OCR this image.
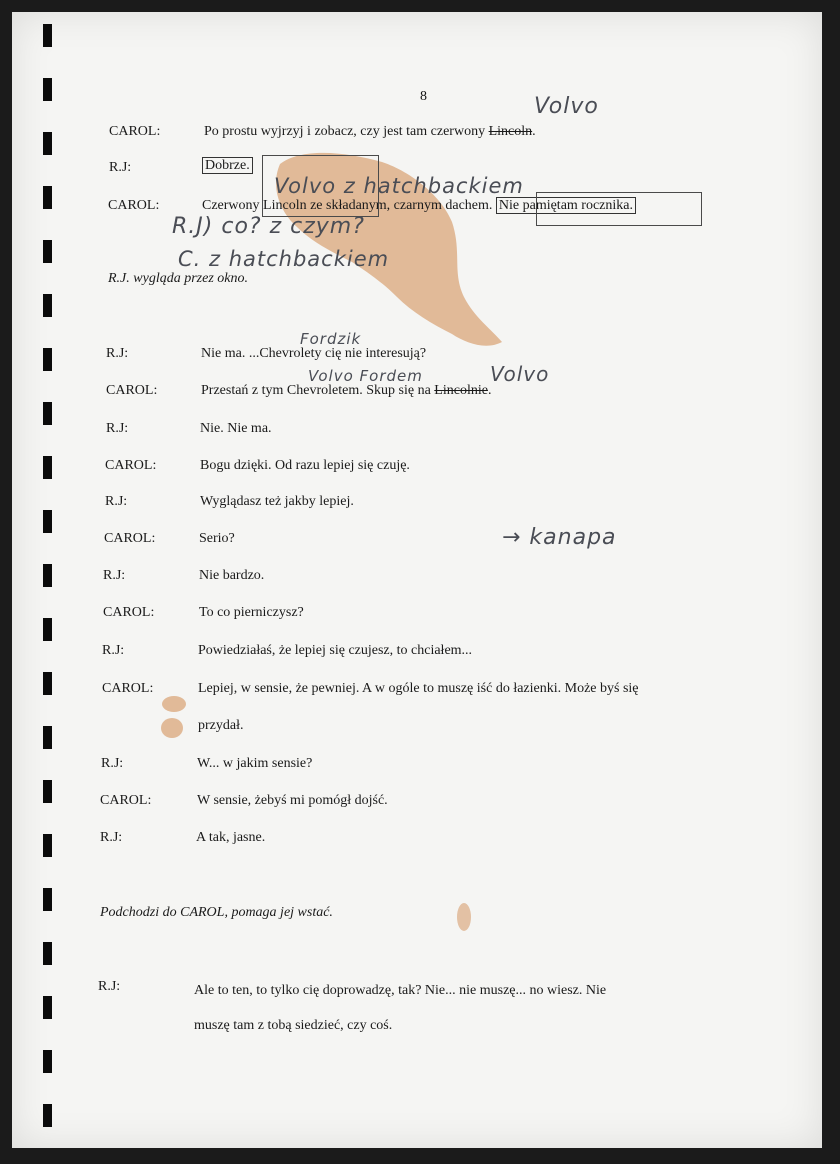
8
CAROL:	Po prostu wyjrzyj i zobacz, czy jest tam czerwony Lincoln.
R.J:	Dobrze.
CAROL:	Czerwony Lincoln ze składanym, czarnym dachem. Nie pamiętam rocznika.
R.J. wygląda przez okno.
R.J:	Nie ma. ...Chevrolety cię nie interesują?
CAROL:	Przestań z tym Chevroletem. Skup się na Lincolnie.
R.J:	Nie. Nie ma.
CAROL:	Bogu dzięki. Od razu lepiej się czuję.
R.J:	Wyglądasz też jakby lepiej.
CAROL:	Serio?
R.J:	Nie bardzo.
CAROL:	To co pierniczysz?
R.J:	Powiedziałaś, że lepiej się czujesz, to chciałem...
CAROL:	Lepiej, w sensie, że pewniej. A w ogóle to muszę iść do łazienki. Może byś się
przydał.
R.J:	W... w jakim sensie?
CAROL:	W sensie, żebyś mi pomógł dojść.
R.J:	A tak, jasne.
Podchodzi do CAROL, pomaga jej wstać.
R.J:	Ale to ten, to tylko cię doprowadzę, tak? Nie... nie muszę... no wiesz. Nie
muszę tam z tobą siedzieć, czy coś.
Volvo
Volvo z hatchbackiem
R.J) co? z czym?
C. z hatchbackiem
Fordzik
Volvo Fordem	Volvo
→ kanapa
